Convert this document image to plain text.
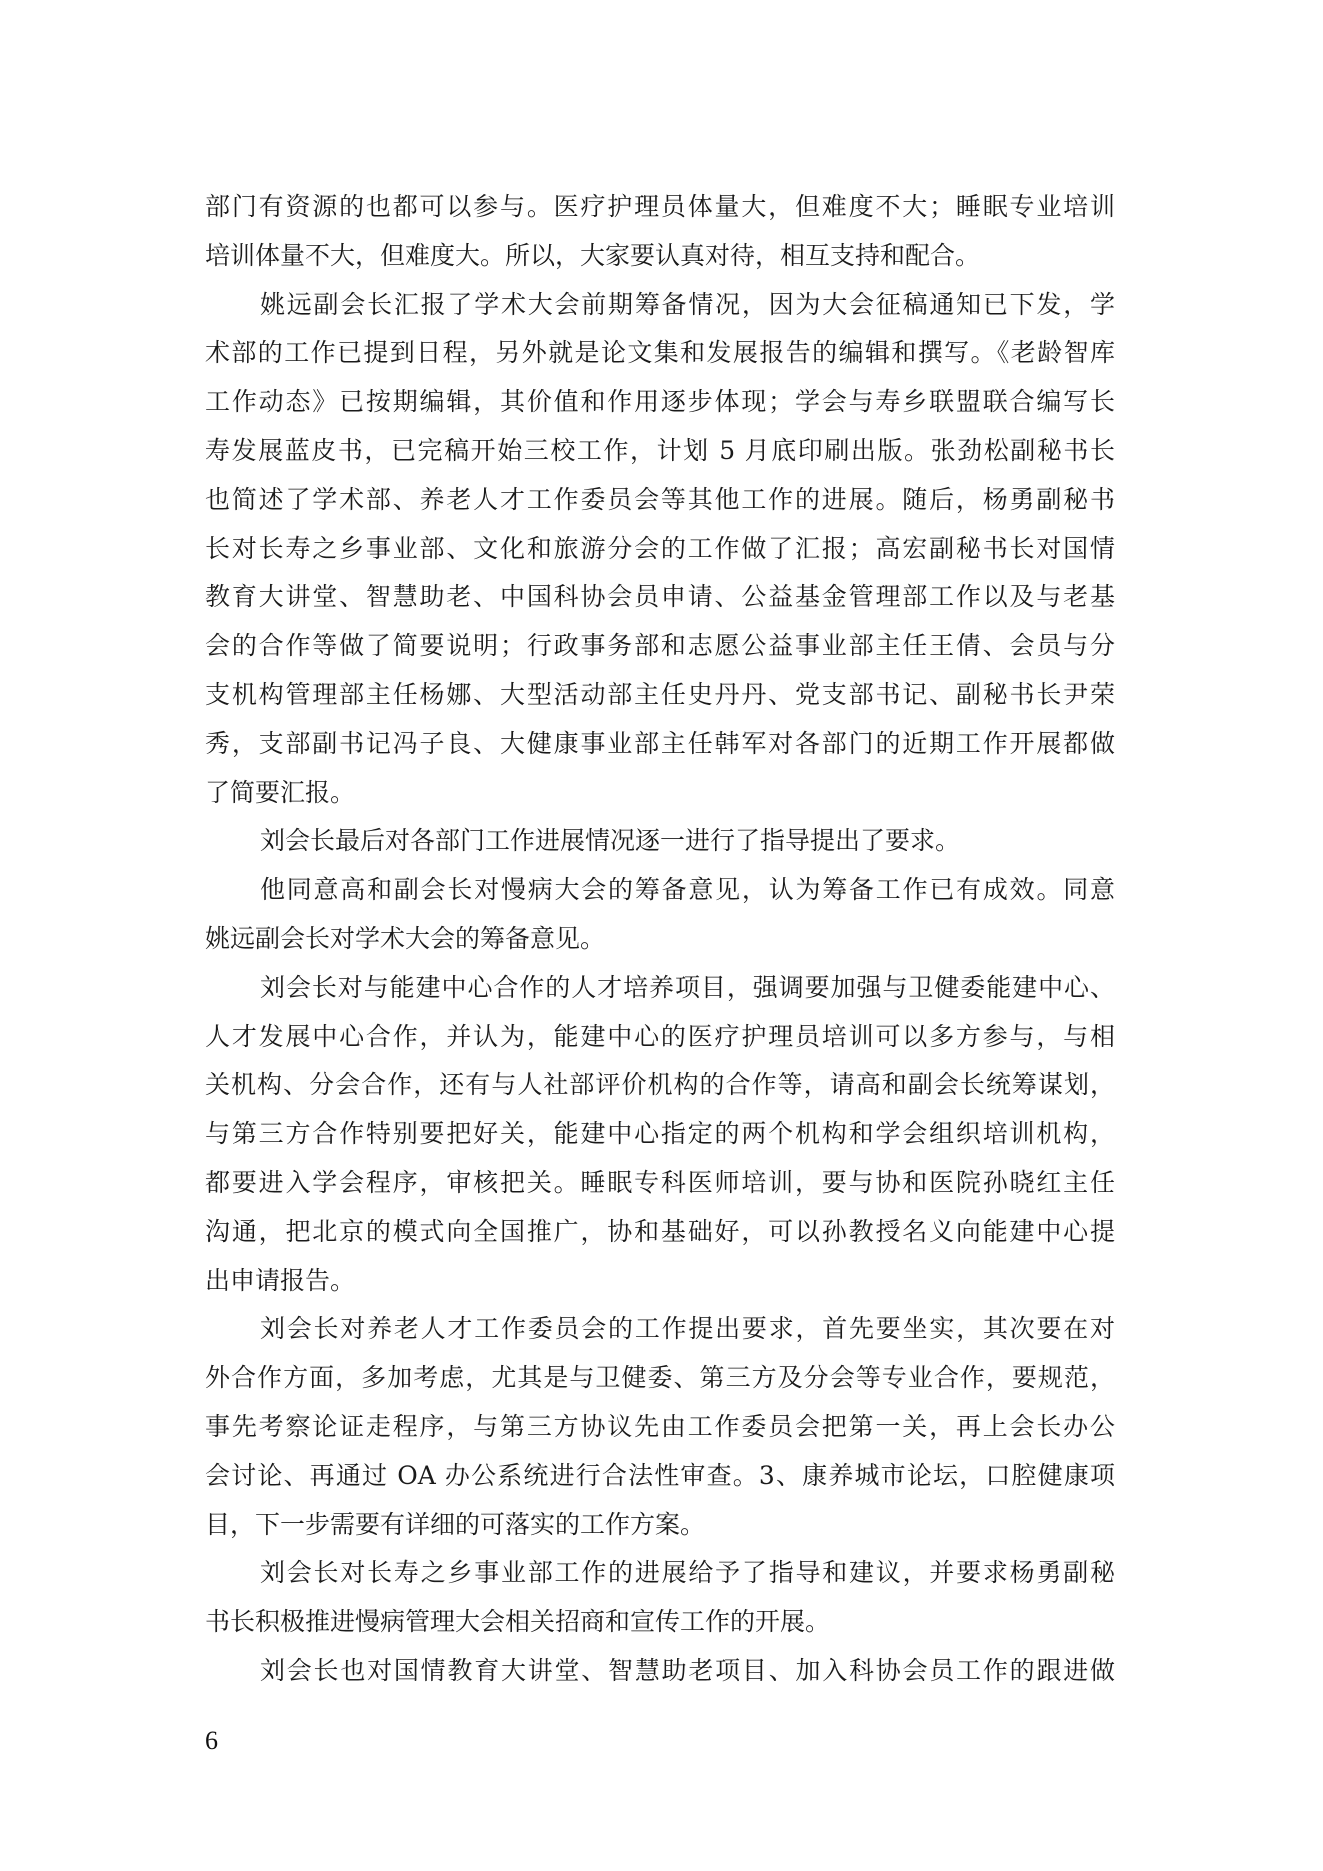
部门有资源的也都可以参与。医疗护理员体量大，但难度不大；睡眠专业培训
培训体量不大，但难度大。所以，大家要认真对待，相互支持和配合。
姚远副会长汇报了学术大会前期筹备情况，因为大会征稿通知已下发，学
术部的工作已提到日程，另外就是论文集和发展报告的编辑和撰写。《老龄智库
工作动态》已按期编辑，其价值和作用逐步体现；学会与寿乡联盟联合编写长
寿发展蓝皮书，已完稿开始三校工作，计划 5 月底印刷出版。张劲松副秘书长
也简述了学术部、养老人才工作委员会等其他工作的进展。随后，杨勇副秘书
长对长寿之乡事业部、文化和旅游分会的工作做了汇报；高宏副秘书长对国情
教育大讲堂、智慧助老、中国科协会员申请、公益基金管理部工作以及与老基
会的合作等做了简要说明；行政事务部和志愿公益事业部主任王倩、会员与分
支机构管理部主任杨娜、大型活动部主任史丹丹、党支部书记、副秘书长尹荣
秀，支部副书记冯子良、大健康事业部主任韩军对各部门的近期工作开展都做
了简要汇报。
刘会长最后对各部门工作进展情况逐一进行了指导提出了要求。
他同意高和副会长对慢病大会的筹备意见，认为筹备工作已有成效。同意
姚远副会长对学术大会的筹备意见。
刘会长对与能建中心合作的人才培养项目，强调要加强与卫健委能建中心、
人才发展中心合作，并认为，能建中心的医疗护理员培训可以多方参与，与相
关机构、分会合作，还有与人社部评价机构的合作等，请高和副会长统筹谋划，
与第三方合作特别要把好关，能建中心指定的两个机构和学会组织培训机构，
都要进入学会程序，审核把关。睡眠专科医师培训，要与协和医院孙晓红主任
沟通，把北京的模式向全国推广，协和基础好，可以孙教授名义向能建中心提
出申请报告。
刘会长对养老人才工作委员会的工作提出要求，首先要坐实，其次要在对
外合作方面，多加考虑，尤其是与卫健委、第三方及分会等专业合作，要规范，
事先考察论证走程序，与第三方协议先由工作委员会把第一关，再上会长办公
会讨论、再通过 OA 办公系统进行合法性审查。3、康养城市论坛，口腔健康项
目，下一步需要有详细的可落实的工作方案。
刘会长对长寿之乡事业部工作的进展给予了指导和建议，并要求杨勇副秘
书长积极推进慢病管理大会相关招商和宣传工作的开展。
刘会长也对国情教育大讲堂、智慧助老项目、加入科协会员工作的跟进做
6
